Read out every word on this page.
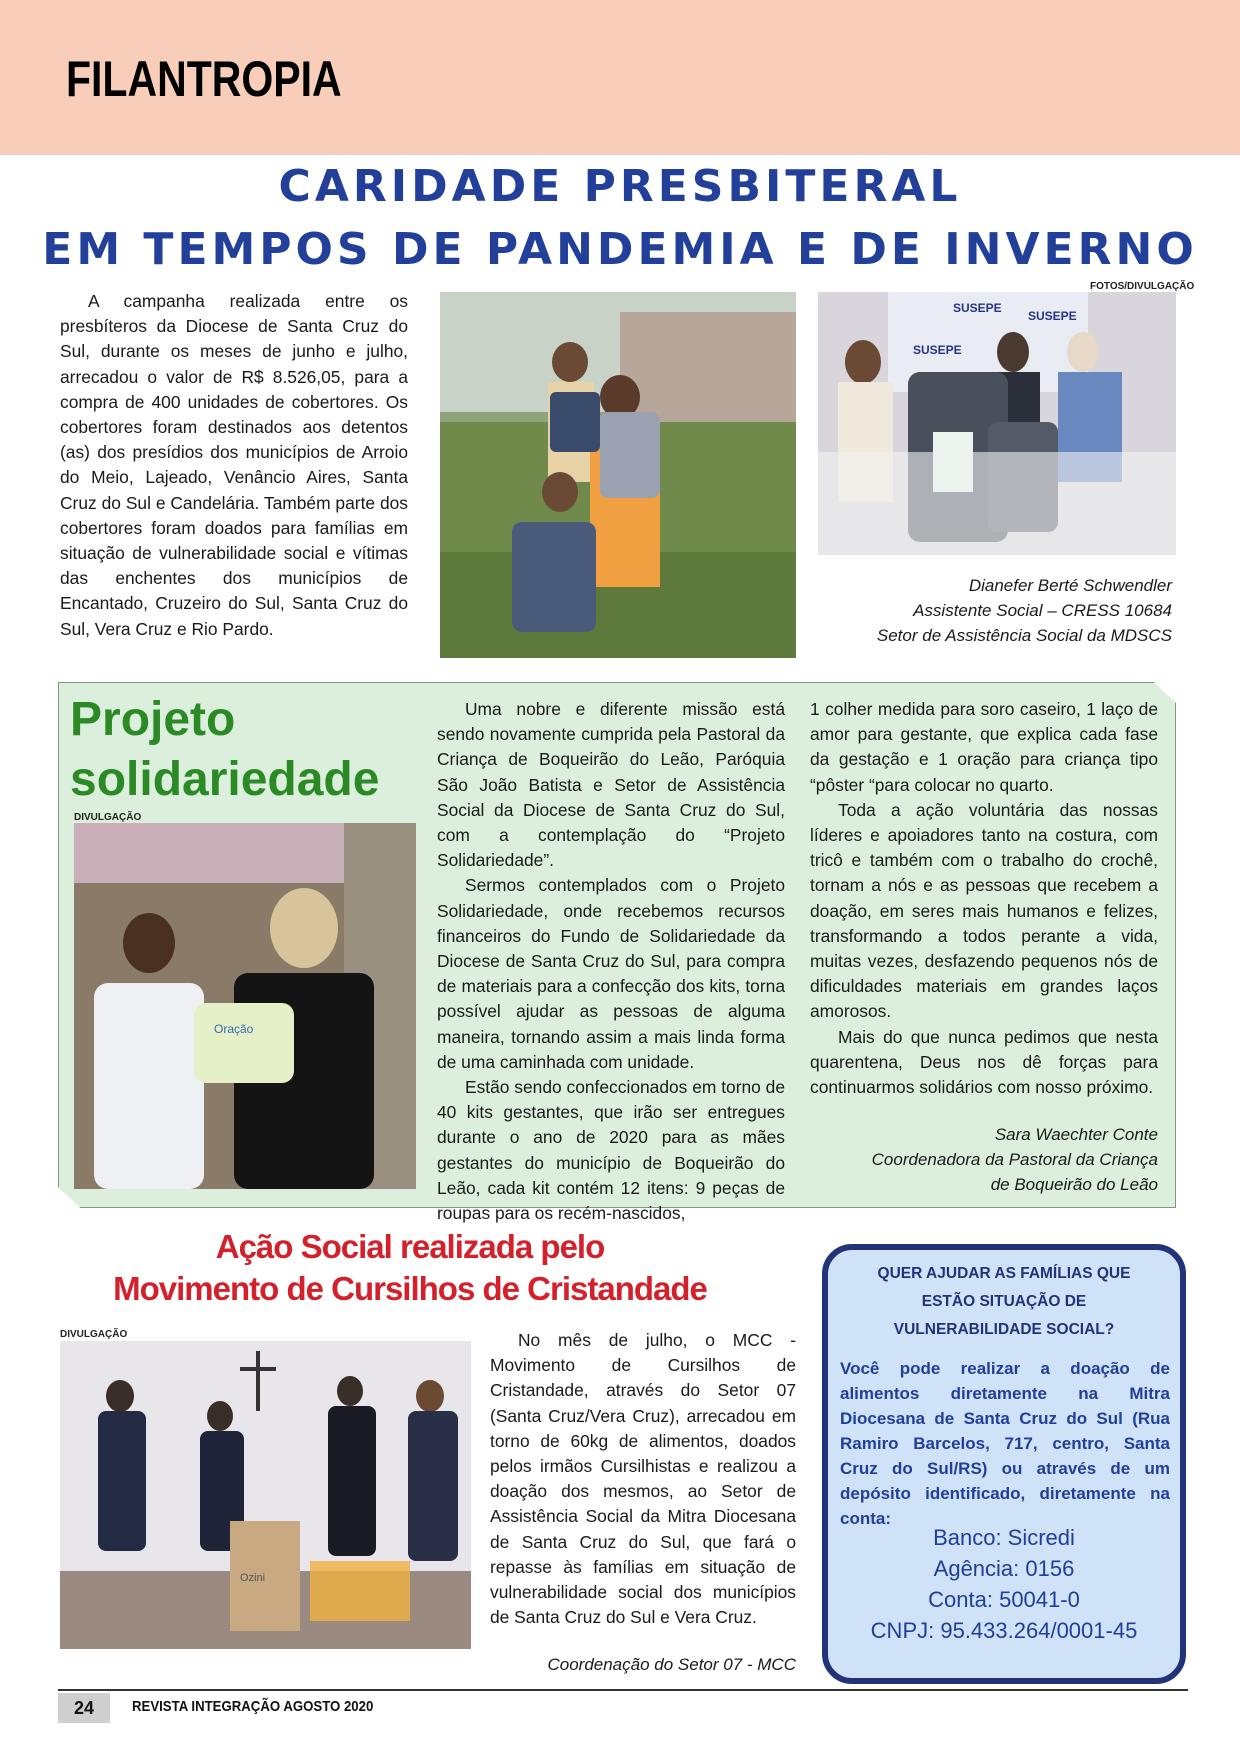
FILANTROPIA
CARIDADE PRESBITERAL
EM TEMPOS DE PANDEMIA E DE INVERNO
FOTOS/DIVULGAÇÃO

A campanha realizada entre os presbíteros da Diocese de Santa Cruz do Sul, durante os meses de junho e julho, arrecadou o valor de R$ 8.526,05, para a compra de 400 unidades de cobertores. Os cobertores foram destinados aos detentos (as) dos presídios dos municípios de Arroio do Meio, Lajeado, Venâncio Aires, Santa Cruz do Sul e Candelária. Também parte dos cobertores foram doados para famílias em situação de vulnerabilidade social e vítimas das enchentes dos municípios de Encantado, Cruzeiro do Sul, Santa Cruz do Sul, Vera Cruz e Rio Pardo.

SUSEPE
SUSEPE
SUSEPE
Dianefer Berté Schwendler
Assistente Social – CRESS 10684
Setor de Assistência Social da MDSCS
Projeto
solidariedade
DIVULGAÇÃO
Oração

Uma nobre e diferente missão está sendo novamente cumprida pela Pastoral da Criança de Boqueirão do Leão, Paróquia São João Batista e Setor de Assistência Social da Diocese de Santa Cruz do Sul, com a contemplação do “Projeto Solidariedade”.

Sermos contemplados com o Projeto Solidariedade, onde recebemos recursos financeiros do Fundo de Solidariedade da Diocese de Santa Cruz do Sul, para compra de materiais para a confecção dos kits, torna possível ajudar as pessoas de alguma maneira, tornando assim a mais linda forma de uma caminhada com unidade.

Estão sendo confeccionados em torno de 40 kits gestantes, que irão ser entregues durante o ano de 2020 para as mães gestantes do município de Boqueirão do Leão, cada kit contém 12 itens: 9 peças de roupas para os recém-nascidos,

1 colher medida para soro caseiro, 1 laço de amor para gestante, que explica cada fase da gestação e 1 oração para criança tipo “pôster “para colocar no quarto.

Toda a ação voluntária das nossas líderes e apoiadores tanto na costura, com tricô e também com o trabalho do crochê, tornam a nós e as pessoas que recebem a doação, em seres mais humanos e felizes, transformando a todos perante a vida, muitas vezes, desfazendo pequenos nós de dificuldades materiais em grandes laços amorosos.

Mais do que nunca pedimos que nesta quarentena, Deus nos dê forças para continuarmos solidários com nosso próximo.

Sara Waechter Conte
Coordenadora da Pastoral da Criança
de Boqueirão do Leão
Ação Social realizada pelo
Movimento de Cursilhos de Cristandade
DIVULGAÇÃO
Ozini

No mês de julho, o MCC - Movimento de Cursilhos de Cristandade, através do Setor 07 (Santa Cruz/Vera Cruz), arrecadou em torno de 60kg de alimentos, doados pelos irmãos Cursilhistas e realizou a doação dos mesmos, ao Setor de Assistência Social da Mitra Diocesana de Santa Cruz do Sul, que fará o repasse às famílias em situação de vulnerabilidade social dos municípios de Santa Cruz do Sul e Vera Cruz.

Coordenação do Setor 07 - MCC
QUER AJUDAR AS FAMÍLIAS QUE
ESTÃO SITUAÇÃO DE
VULNERABILIDADE SOCIAL?
Você pode realizar a doação de alimentos diretamente na Mitra Diocesana de Santa Cruz do Sul (Rua Ramiro Barcelos, 717, centro, Santa Cruz do Sul/RS) ou através de um depósito identificado, diretamente na conta:
Banco: Sicredi
Agência: 0156
Conta: 50041-0
CNPJ: 95.433.264/0001-45
24	REVISTA INTEGRAÇÃO AGOSTO 2020
